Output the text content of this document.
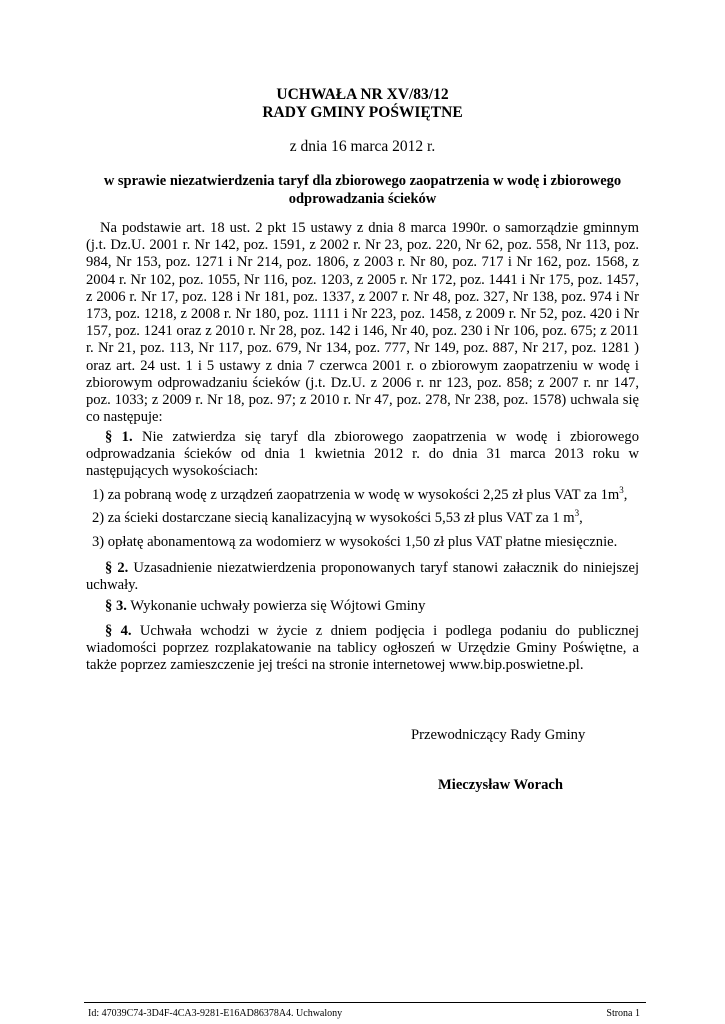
UCHWAŁA NR XV/83/12
RADY GMINY POŚWIĘTNE
z dnia 16 marca 2012 r.
w sprawie niezatwierdzenia taryf dla zbiorowego zaopatrzenia w wodę i zbiorowego
odprowadzania ścieków
Na podstawie art. 18 ust. 2 pkt 15 ustawy z dnia 8 marca 1990r. o samorządzie gminnym (j.t. Dz.U. 2001 r. Nr 142, poz. 1591, z 2002 r. Nr 23, poz. 220, Nr 62, poz. 558, Nr 113, poz. 984, Nr 153, poz. 1271 i Nr 214, poz. 1806, z 2003 r. Nr 80, poz. 717 i Nr 162, poz. 1568, z 2004 r. Nr 102, poz. 1055, Nr 116, poz. 1203, z 2005 r. Nr 172, poz. 1441 i Nr 175, poz. 1457, z 2006 r. Nr 17, poz. 128 i Nr 181, poz. 1337, z 2007 r. Nr 48, poz. 327, Nr 138, poz. 974 i Nr 173, poz. 1218, z 2008 r. Nr 180, poz. 1111 i Nr 223, poz. 1458, z 2009 r. Nr 52, poz. 420 i Nr 157, poz. 1241 oraz z 2010 r. Nr 28, poz. 142 i 146, Nr 40, poz. 230 i Nr 106, poz. 675; z 2011 r. Nr 21, poz. 113, Nr 117, poz. 679, Nr 134, poz. 777, Nr 149, poz. 887, Nr 217, poz. 1281 ) oraz art. 24 ust. 1 i 5 ustawy z dnia 7 czerwca 2001 r. o zbiorowym zaopatrzeniu w wodę i zbiorowym odprowadzaniu ścieków (j.t. Dz.U. z 2006 r. nr 123, poz. 858; z 2007 r. nr 147, poz. 1033; z 2009 r. Nr 18, poz. 97; z 2010 r. Nr 47, poz. 278, Nr 238, poz. 1578) uchwala się co następuje:
§ 1. Nie zatwierdza się taryf dla zbiorowego zaopatrzenia w wodę i zbiorowego odprowadzania ścieków od dnia 1 kwietnia 2012 r. do dnia 31 marca 2013 roku w następujących wysokościach:
1) za pobraną wodę z urządzeń zaopatrzenia w wodę w wysokości 2,25 zł plus VAT za $1m^3$,
2) za ścieki dostarczane siecią kanalizacyjną w wysokości 5,53 zł plus VAT za 1 $m^3$,
3) opłatę abonamentową za wodomierz w wysokości 1,50 zł plus VAT płatne miesięcznie.
§ 2. Uzasadnienie niezatwierdzenia proponowanych taryf stanowi załacznik do niniejszej uchwały.
§ 3. Wykonanie uchwały powierza się Wójtowi Gminy
§ 4. Uchwała wchodzi w życie z dniem podjęcia i podlega podaniu do publicznej wiadomości poprzez rozplakatowanie na tablicy ogłoszeń w Urzędzie Gminy Poświętne, a także poprzez zamieszczenie jej treści na stronie internetowej www.bip.poswietne.pl.
Przewodniczący Rady Gminy
Mieczysław Worach
Id: 47039C74-3D4F-4CA3-9281-E16AD86378A4. Uchwalony	Strona 1
